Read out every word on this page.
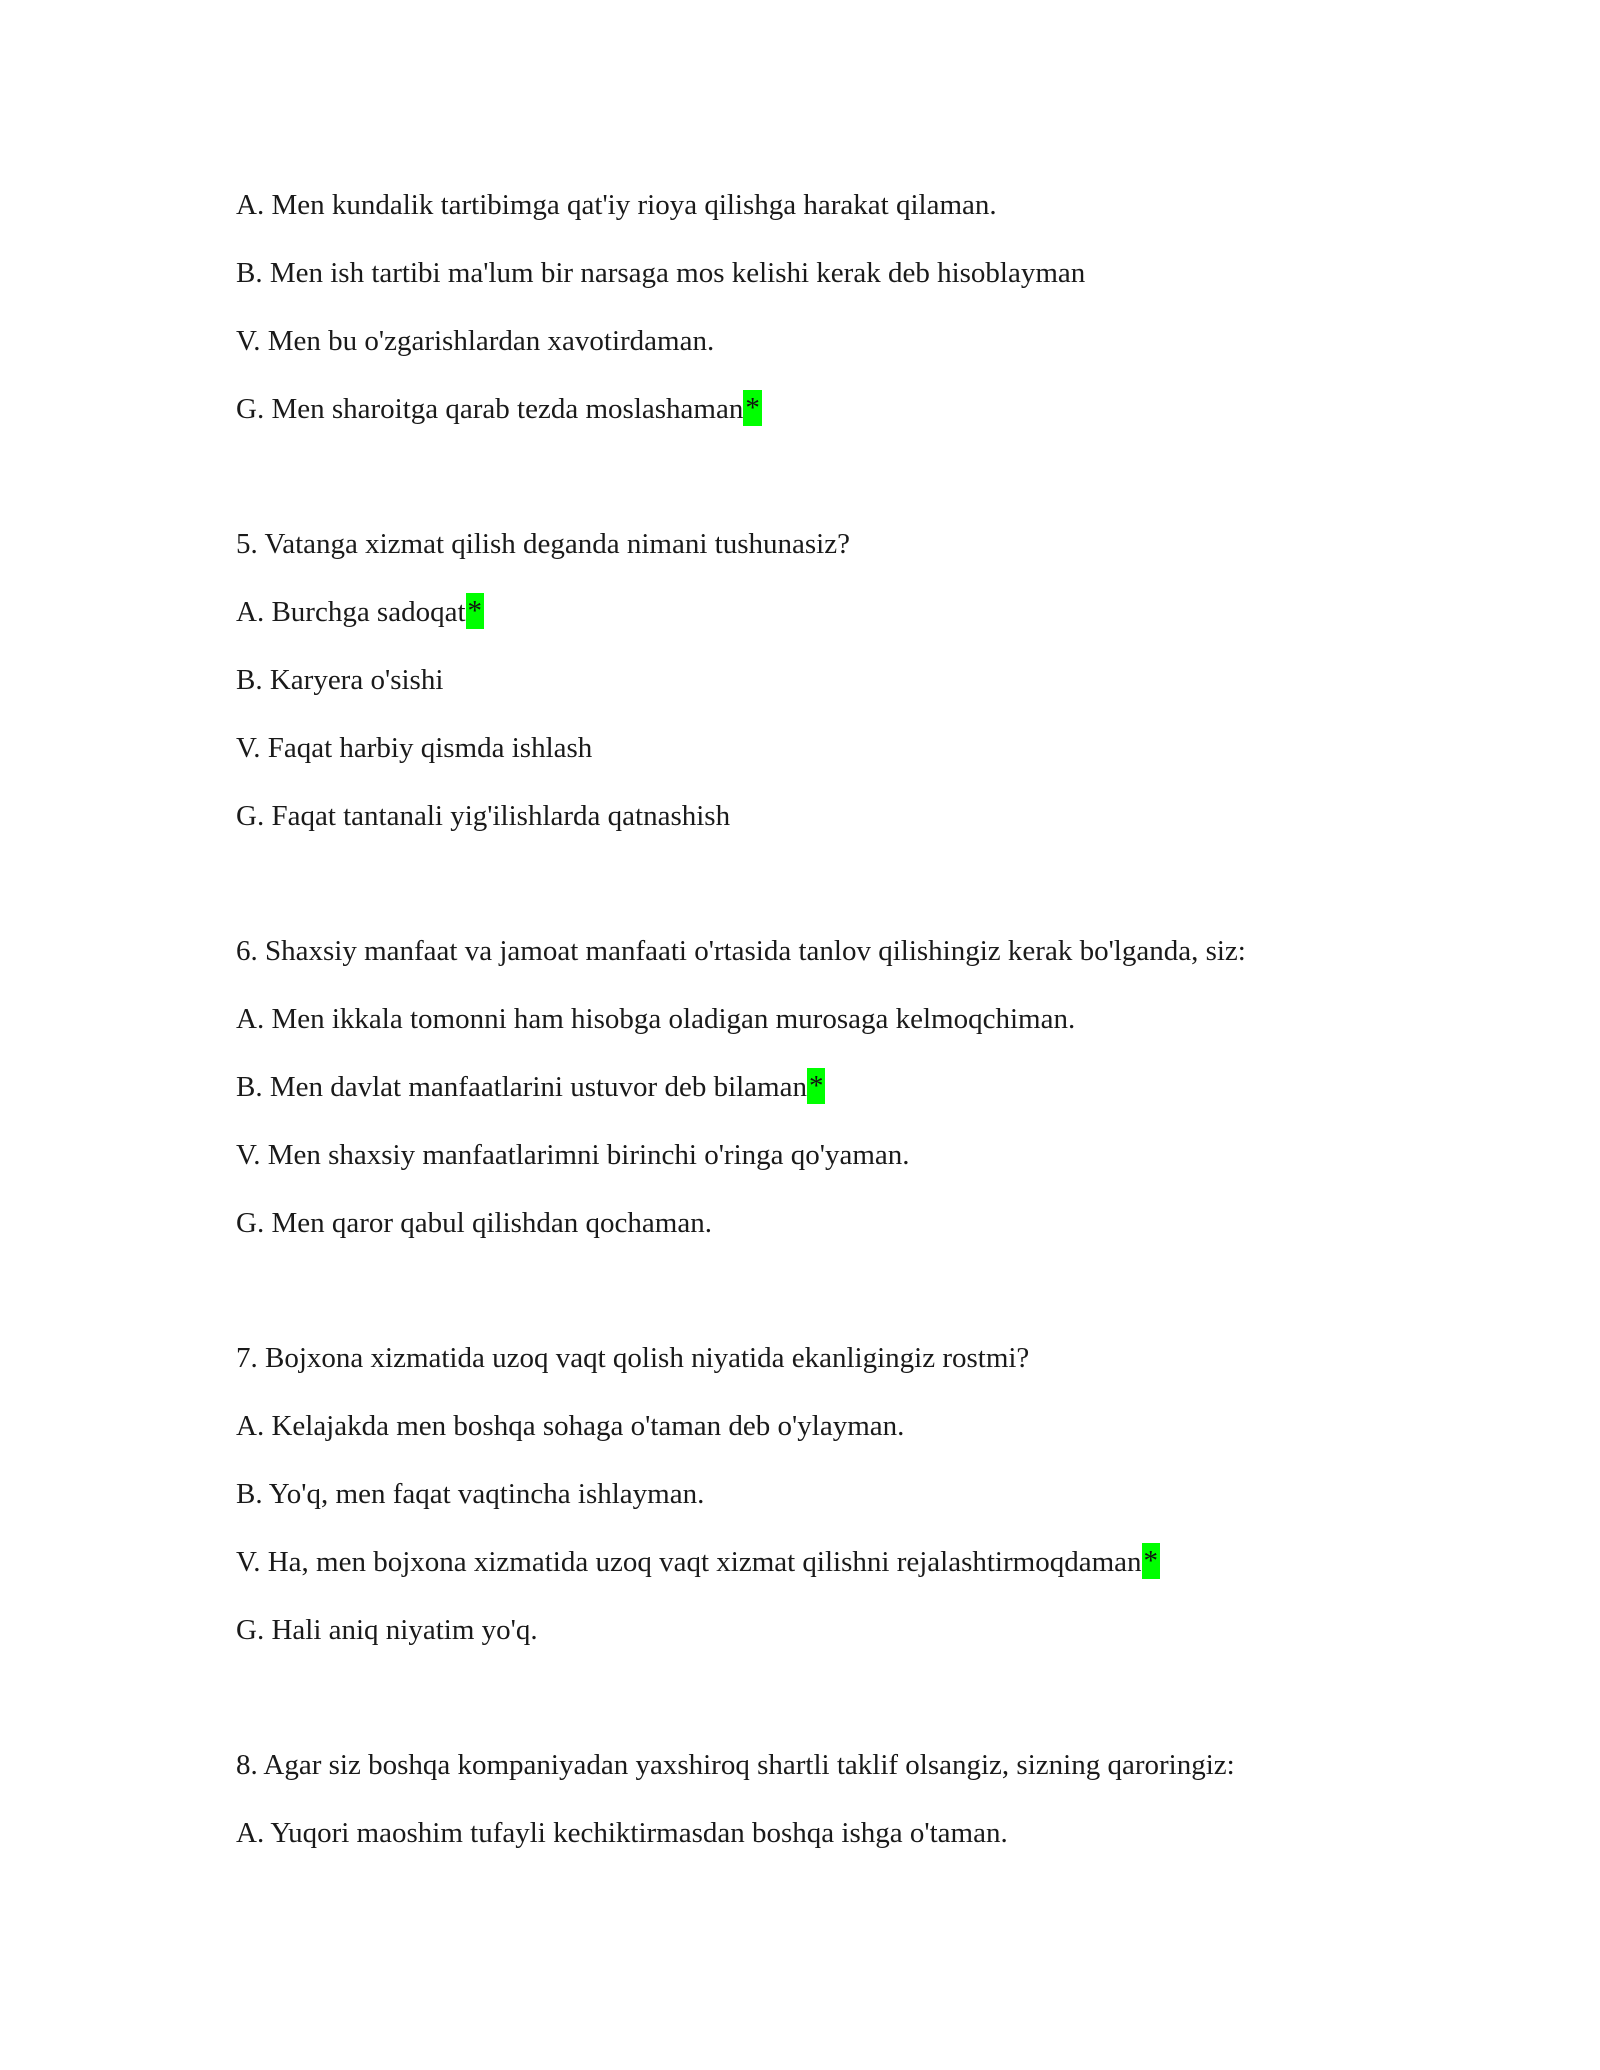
A. Men kundalik tartibimga qat'iy rioya qilishga harakat qilaman.
B. Men ish tartibi ma'lum bir narsaga mos kelishi kerak deb hisoblayman
V. Men bu o'zgarishlardan xavotirdaman.
G. Men sharoitga qarab tezda moslashaman*
5. Vatanga xizmat qilish deganda nimani tushunasiz?
A. Burchga sadoqat*
B. Karyera o'sishi
V. Faqat harbiy qismda ishlash
G. Faqat tantanali yig'ilishlarda qatnashish
6. Shaxsiy manfaat va jamoat manfaati o'rtasida tanlov qilishingiz kerak bo'lganda, siz:
A. Men ikkala tomonni ham hisobga oladigan murosaga kelmoqchiman.
B. Men davlat manfaatlarini ustuvor deb bilaman*
V. Men shaxsiy manfaatlarimni birinchi o'ringa qo'yaman.
G. Men qaror qabul qilishdan qochaman.
7. Bojxona xizmatida uzoq vaqt qolish niyatida ekanligingiz rostmi?
A. Kelajakda men boshqa sohaga o'taman deb o'ylayman.
B. Yo'q, men faqat vaqtincha ishlayman.
V. Ha, men bojxona xizmatida uzoq vaqt xizmat qilishni rejalashtirmoqdaman*
G. Hali aniq niyatim yo'q.
8. Agar siz boshqa kompaniyadan yaxshiroq shartli taklif olsangiz, sizning qaroringiz:
A. Yuqori maoshim tufayli kechiktirmasdan boshqa ishga o'taman.
